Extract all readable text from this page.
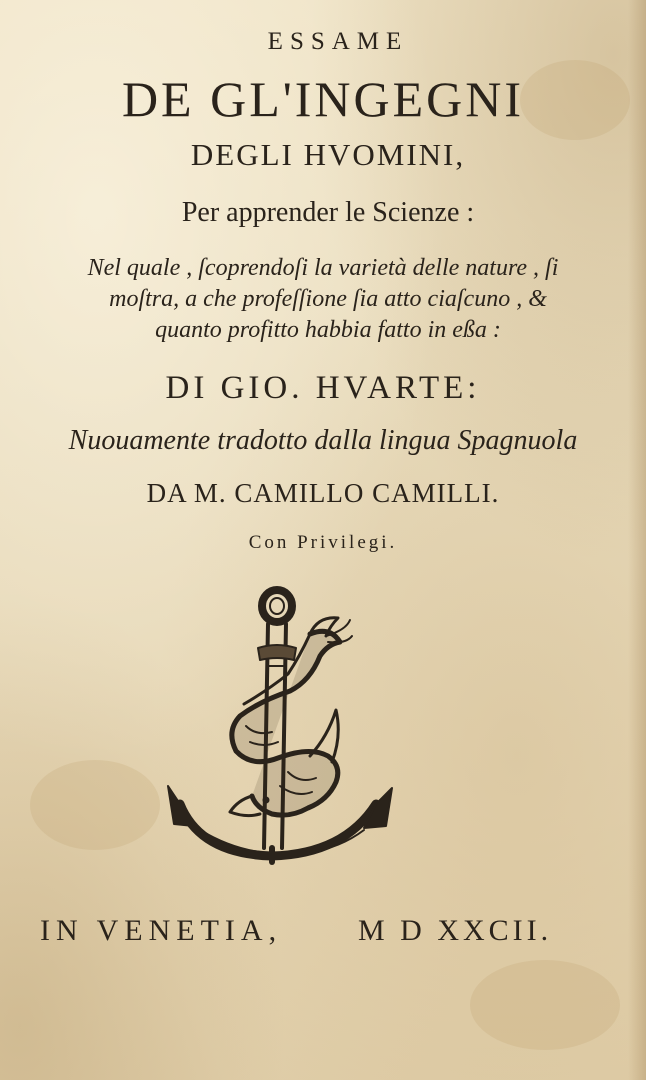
ESSAME
DE GL'INGEGNI
DEGLI HVOMINI,
Per apprender le Scienze :
Nel quale , ſcoprendoſi la varietà delle nature , ſi
moſtra, a che profeſſione ſia atto ciaſcuno , &
quanto profitto habbia fatto in eßa :
DI GIO. HVARTE:
Nuouamente tradotto dalla lingua Spagnuola
DA M. CAMILLO CAMILLI.
Con Privilegi.
IN VENETIA,	M D XXCII.
